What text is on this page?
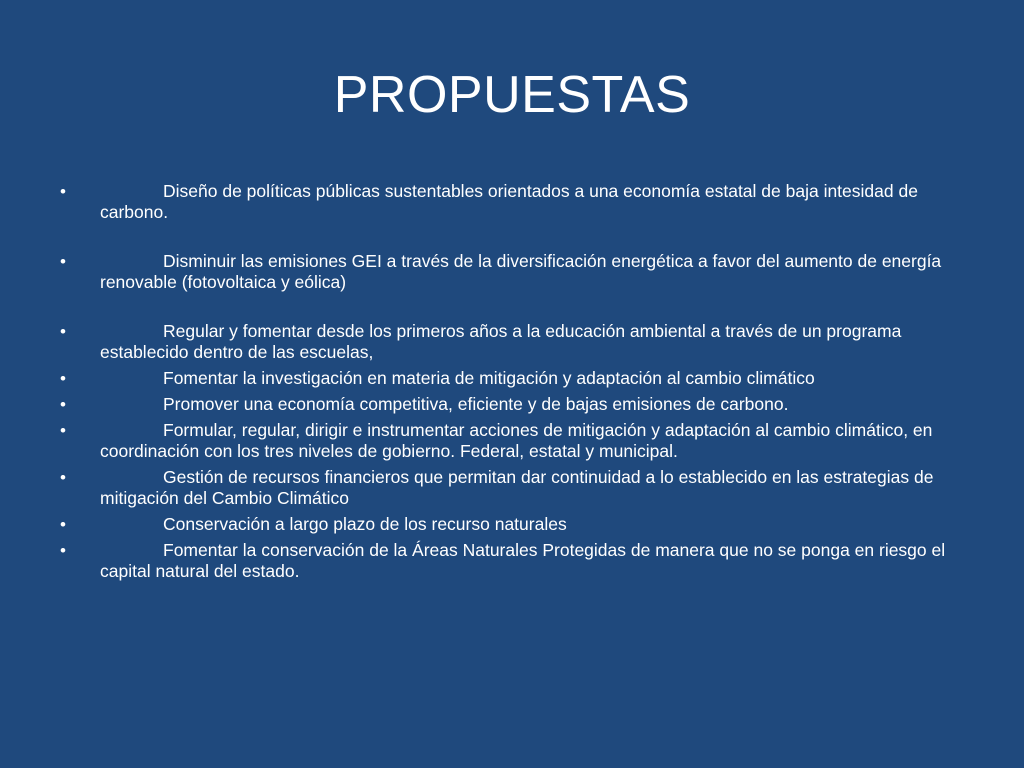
PROPUESTAS
•	Diseño de políticas públicas sustentables orientados a una economía estatal de baja intesidad de carbono.
•	Disminuir las emisiones GEI a través de la diversificación energética a favor del aumento de energía renovable (fotovoltaica y eólica)
•	Regular y fomentar desde los primeros años a la educación ambiental a través de un programa establecido dentro de las escuelas,
•	Fomentar la investigación en materia de mitigación y adaptación al cambio climático
•	Promover una economía competitiva, eficiente y de bajas emisiones de carbono.
•	Formular, regular, dirigir e instrumentar acciones de mitigación y adaptación al cambio climático, en coordinación con los tres niveles de gobierno. Federal, estatal y municipal.
•	Gestión de recursos financieros que permitan dar continuidad a lo establecido en las estrategias de mitigación del Cambio Climático
•	Conservación a largo plazo de los recurso naturales
•	Fomentar la conservación de la Áreas Naturales Protegidas de manera que no se ponga en riesgo el capital natural del estado.
